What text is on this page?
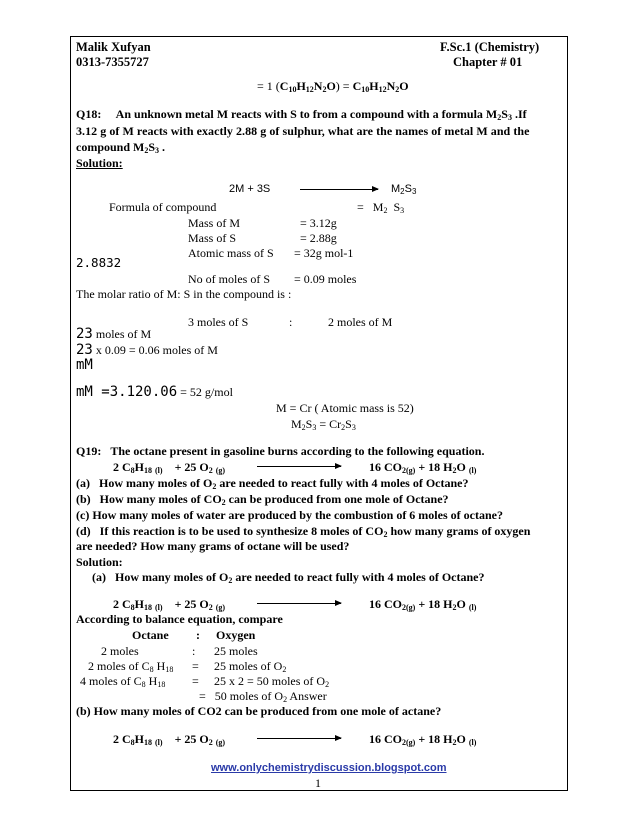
Malik Xufyan
0313-7355727
F.Sc.1 (Chemistry)
Chapter # 01
= 1 $(C_{10}H_{12}N_2O) = C_{10}H_{12}N_2O$
Q18:     An unknown metal M reacts with S to from a compound with a formula $M_2S_3$ .If
3.12 g of M reacts with exactly 2.88 g of sulphur, what are the names of metal M and the
compound $M_2S_3$ .
Solution:
2M + 3S	$M_2S_3$
Formula of compound	=   $M_2$  $S_3$
Mass of M	= 3.12g
Mass of S	= 2.88g
Atomic mass of S = 32g mol-1
2.8832
No of moles of S = 0.09 moles
The molar ratio of M: S in the compound is :
3 moles of S	:	2 moles of M
23 moles of M
23 x 0.09 = 0.06 moles of M
mM
mM =3.120.06 = 52 g/mol
M = Cr ( Atomic mass is 52)
$M_2S_3 = Cr_2S_3$
Q19: The octane present in gasoline burns according to the following equation.
2 $C_8H_{18}$ $_{(l)}$    + 25 $O_2$ $_{(g)}$	16 $CO_{2(g)} + 18$ $H_2O$ $_{(l)}$
(a)   How many moles of $O_2$ are needed to react fully with 4 moles of Octane?
(b)   How many moles of $CO_2$ can be produced from one mole of Octane?
(c) How many moles of water are produced by the combustion of 6 moles of octane?
(d)   If this reaction is to be used to synthesize 8 moles of $CO_2$ how many grams of oxygen
are needed? How many grams of octane will be used?
Solution:
(a)   How many moles of $O_2$ are needed to react fully with 4 moles of Octane?
2 $C_8H_{18}$ $_{(l)}$    + 25 $O_2$ $_{(g)}$	16 $CO_{2(g)} + 18$ $H_2O$ $_{(l)}$
According to balance equation, compare
Octane : Oxygen
2 moles	: 25 moles
2 moles of $C_8$ $H_{18} = 25$ moles of $O_2$
4 moles of $C_8$ $H_{18} = 25$ x 2 = 50 moles of $O_2$
=   50 moles of $O_2$ Answer
(b) How many moles of CO2 can be produced from one mole of actane?
2 $C_8H_{18}$ $_{(l)}$    + 25 $O_2$ $_{(g)}$	16 $CO_{2(g)} + 18$ $H_2O$ $_{(l)}$
www.onlychemistrydiscussion.blogspot.com
1
